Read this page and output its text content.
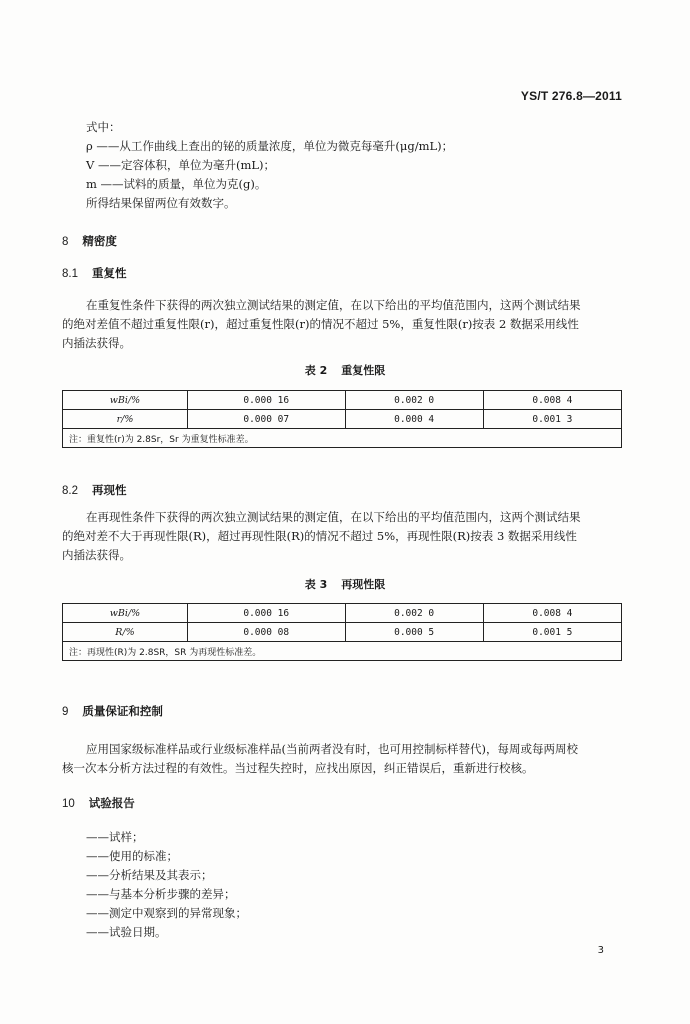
YS/T 276.8—2011
式中：
ρ ——从工作曲线上查出的铋的质量浓度，单位为微克每毫升(μg/mL)；
V ——定容体积，单位为毫升(mL)；
m ——试料的质量，单位为克(g)。
所得结果保留两位有效数字。
8 精密度
8.1 重复性
在重复性条件下获得的两次独立测试结果的测定值，在以下给出的平均值范围内，这两个测试结果
的绝对差值不超过重复性限(r)，超过重复性限(r)的情况不超过 5%，重复性限(r)按表 2 数据采用线性
内插法获得。
表 2 重复性限
wBi/%	0.000 16	0.002 0	0.008 4
r/%	0.000 07	0.000 4	0.001 3
注：重复性(r)为 2.8Sr，Sr 为重复性标准差。			
8.2 再现性
在再现性条件下获得的两次独立测试结果的测定值，在以下给出的平均值范围内，这两个测试结果
的绝对差不大于再现性限(R)，超过再现性限(R)的情况不超过 5%，再现性限(R)按表 3 数据采用线性
内插法获得。
表 3 再现性限
wBi/%	0.000 16	0.002 0	0.008 4
R/%	0.000 08	0.000 5	0.001 5
注：再现性(R)为 2.8SR，SR 为再现性标准差。			
9 质量保证和控制
应用国家级标准样品或行业级标准样品(当前两者没有时，也可用控制标样替代)，每周或每两周校
核一次本分析方法过程的有效性。当过程失控时，应找出原因，纠正错误后，重新进行校核。
10 试验报告
——试样；
——使用的标准；
——分析结果及其表示；
——与基本分析步骤的差异；
——测定中观察到的异常现象；
——试验日期。
3
